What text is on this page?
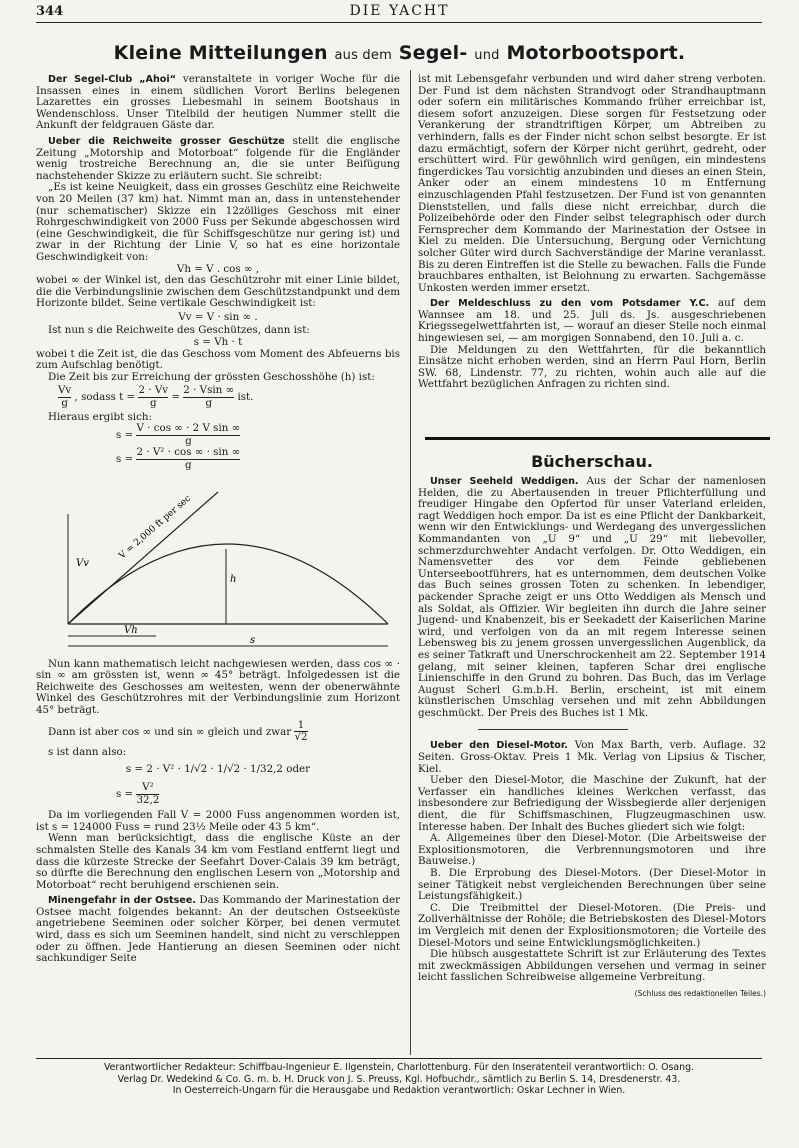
344	DIE YACHT
Kleine Mitteilungen aus dem Segel- und Motorbootsport.

Der Segel-Club „Ahoi“ veranstaltete in voriger Woche für die Insassen eines in einem südlichen Vorort Berlins belegenen Lazarettes ein grosses Liebesmahl in seinem Bootshaus in Wendenschloss. Unser Titelbild der heutigen Nummer stellt die Ankunft der feldgrauen Gäste dar.

Ueber die Reichweite grosser Geschütze stellt die englische Zeitung „Motorship and Motorboat“ folgende für die Engländer wenig trostreiche Berechnung an, die sie unter Beifügung nachstehender Skizze zu erläutern sucht. Sie schreibt:

„Es ist keine Neuigkeit, dass ein grosses Geschütz eine Reichweite von 20 Meilen (37 km) hat. Nimmt man an, dass in untenstehender (nur schematischer) Skizze ein 12zölliges Geschoss mit einer Rohrgeschwindigkeit von 2000 Fuss per Sekunde abgeschossen wird (eine Geschwindigkeit, die für Schiffsgeschütze nur gering ist) und zwar in der Richtung der Linie V, so hat es eine horizontale Geschwindigkeit von:

Vh = V . cos ∞ ,

wobei ∞ der Winkel ist, den das Geschützrohr mit einer Linie bildet, die die Verbindungslinie zwischen dem Geschützstandpunkt und dem Horizonte bildet. Seine vertikale Geschwindigkeit ist:

Vv = V · sin ∞ .

Ist nun s die Reichweite des Geschützes, dann ist:

s = Vh · t

wobei t die Zeit ist, die das Geschoss vom Moment des Abfeuerns bis zum Aufschlag benötigt.

Die Zeit bis zur Erreichung der grössten Geschosshöhe (h) ist:

$\frac{Vv}{g}$ , sodass $t = \frac{2 \cdot Vv}{g} = \frac{2 \cdot Vsin \infty}{g}$ ist.

Hieraus ergibt sich:

$s = \frac{\text{V · cos ∞ · 2 V sin ∞}}{g}$
$s = \frac{\text{2 · V² · cos ∞ · sin ∞}}{g}$
V = 2,000 ft per sec
Vv
h
Vh
s

Nun kann mathematisch leicht nachgewiesen werden, dass cos ∞ · sin ∞ am grössten ist, wenn ∞ 45° beträgt. Infolgedessen ist die Reichweite des Geschosses am weitesten, wenn der obenerwähnte Winkel des Geschützrohres mit der Verbindungslinie zum Horizont 45° beträgt.

Dann ist aber cos ∞ und sin ∞ gleich und zwar $\frac{1}{√2}$

s ist dann also:

s = 2 · V² · 1/√2 · 1/√2 · 1/32,2 oder

$s = \frac{\text{V²}}{32,2}$

Da im vorliegenden Fall V = 2000 Fuss angenommen worden ist, ist s = 124000 Fuss = rund 23½ Meile oder 43 5 km“.

Wenn man berücksichtigt, dass die englische Küste an der schmalsten Stelle des Kanals 34 km vom Festland entfernt liegt und dass die kürzeste Strecke der Seefahrt Dover-Calais 39 km beträgt, so dürfte die Berechnung den englischen Lesern von „Motorship and Motorboat“ recht beruhigend erschienen sein.

Minengefahr in der Ostsee. Das Kommando der Marinestation der Ostsee macht folgendes bekannt: An der deutschen Ostseeküste angetriebene Seeminen oder solcher Körper, bei denen vermutet wird, dass es sich um Seeminen handelt, sind nicht zu verschleppen oder zu öffnen. Jede Hantierung an diesen Seeminen oder nicht sachkundiger Seite

ist mit Lebensgefahr verbunden und wird daher streng verboten. Der Fund ist dem nächsten Strandvogt oder Strandhauptmann oder sofern ein militärisches Kommando früher erreichbar ist, diesem sofort anzuzeigen. Diese sorgen für Festsetzung oder Verankerung der strandtriftigen Körper, um Abtreiben zu verhindern, falls es der Finder nicht schon selbst besorgte. Er ist dazu ermächtigt, sofern der Körper nicht gerührt, gedreht, oder erschüttert wird. Für gewöhnlich wird genügen, ein mindestens fingerdickes Tau vorsichtig anzubinden und dieses an einen Stein, Anker oder an einem mindestens 10 m Entfernung einzuschlagenden Pfahl festzusetzen. Der Fund ist von genannten Dienststellen, und falls diese nicht erreichbar, durch die Polizeibehörde oder den Finder selbst telegraphisch oder durch Fernsprecher dem Kommando der Marinestation der Ostsee in Kiel zu melden. Die Untersuchung, Bergung oder Vernichtung solcher Güter wird durch Sachverständige der Marine veranlasst. Bis zu deren Eintreffen ist die Stelle zu bewachen. Falls die Funde brauchbares enthalten, ist Belohnung zu erwarten. Sachgemässe Unkosten werden immer ersetzt.

Der Meldeschluss zu den vom Potsdamer Y.C. auf dem Wannsee am 18. und 25. Juli ds. Js. ausgeschriebenen Kriegssegelwettfahrten ist, — worauf an dieser Stelle noch einmal hingewiesen sei, — am morgigen Sonnabend, den 10. Juli a. c.

Die Meldungen zu den Wettfahrten, für die bekanntlich Einsätze nicht erhoben werden, sind an Herrn Paul Horn, Berlin SW. 68, Lindenstr. 77, zu richten, wohin auch alle auf die Wettfahrt bezüglichen Anfragen zu richten sind.

Bücherschau.

Unser Seeheld Weddigen. Aus der Schar der namenlosen Helden, die zu Abertausenden in treuer Pflichterfüllung und freudiger Hingabe den Opfertod für unser Vaterland erleiden, ragt Weddigen hoch empor. Da ist es eine Pflicht der Dankbarkeit, wenn wir den Entwicklungs- und Werdegang des unvergesslichen Kommandanten von „U 9“ und „U 29“ mit liebevoller, schmerzdurchwehter Andacht verfolgen. Dr. Otto Weddigen, ein Namensvetter des vor dem Feinde gebliebenen Unterseebootführers, hat es unternommen, dem deutschen Volke das Buch seines grossen Toten zu schenken. In lebendiger, packender Sprache zeigt er uns Otto Weddigen als Mensch und als Soldat, als Offizier. Wir begleiten ihn durch die Jahre seiner Jugend- und Knabenzeit, bis er Seekadett der Kaiserlichen Marine wird, und verfolgen von da an mit regem Interesse seinen Lebensweg bis zu jenem grossen unvergesslichen Augenblick, da es seiner Tatkraft und Unerschrockenheit am 22. September 1914 gelang, mit seiner kleinen, tapferen Schar drei englische Linienschiffe in den Grund zu bohren. Das Buch, das im Verlage August Scherl G.m.b.H. Berlin, erscheint, ist mit einem künstlerischen Umschlag versehen und mit zehn Abbildungen geschmückt. Der Preis des Buches ist 1 Mk.

Ueber den Diesel-Motor. Von Max Barth, verb. Auflage. 32 Seiten. Gross-Oktav. Preis 1 Mk. Verlag von Lipsius & Tischer, Kiel.

Ueber den Diesel-Motor, die Maschine der Zukunft, hat der Verfasser ein handliches kleines Werkchen verfasst, das insbesondere zur Befriedigung der Wissbegierde aller derjenigen dient, die für Schiffsmaschinen, Flugzeugmaschinen usw. Interesse haben. Der Inhalt des Buches gliedert sich wie folgt:

A. Allgemeines über den Diesel-Motor. (Die Arbeitsweise der Explositionsmotoren, die Verbrennungsmotoren und ihre Bauweise.)

B. Die Erprobung des Diesel-Motors. (Der Diesel-Motor in seiner Tätigkeit nebst vergleichenden Berechnungen über seine Leistungsfähigkeit.)

C. Die Treibmittel der Diesel-Motoren. (Die Preis- und Zollverhältnisse der Rohöle; die Betriebskosten des Diesel-Motors im Vergleich mit denen der Explositionsmotoren; die Vorteile des Diesel-Motors und seine Entwicklungsmöglichkeiten.)

Die hübsch ausgestattete Schrift ist zur Erläuterung des Textes mit zweckmässigen Abbildungen versehen und vermag in seiner leicht fasslichen Schreibweise allgemeine Verbreitung.

(Schluss des redaktionellen Teiles.)

Verantwortlicher Redakteur: Schiffbau-Ingenieur E. Ilgenstein, Charlottenburg. Für den Inseratenteil verantwortlich: O. Osang.
Verlag Dr. Wedekind & Co. G. m. b. H. Druck von J. S. Preuss, Kgl. Hofbuchdr., sämtlich zu Berlin S. 14, Dresdenerstr. 43.
In Oesterreich-Ungarn für die Herausgabe und Redaktion verantwortlich: Oskar Lechner in Wien.
